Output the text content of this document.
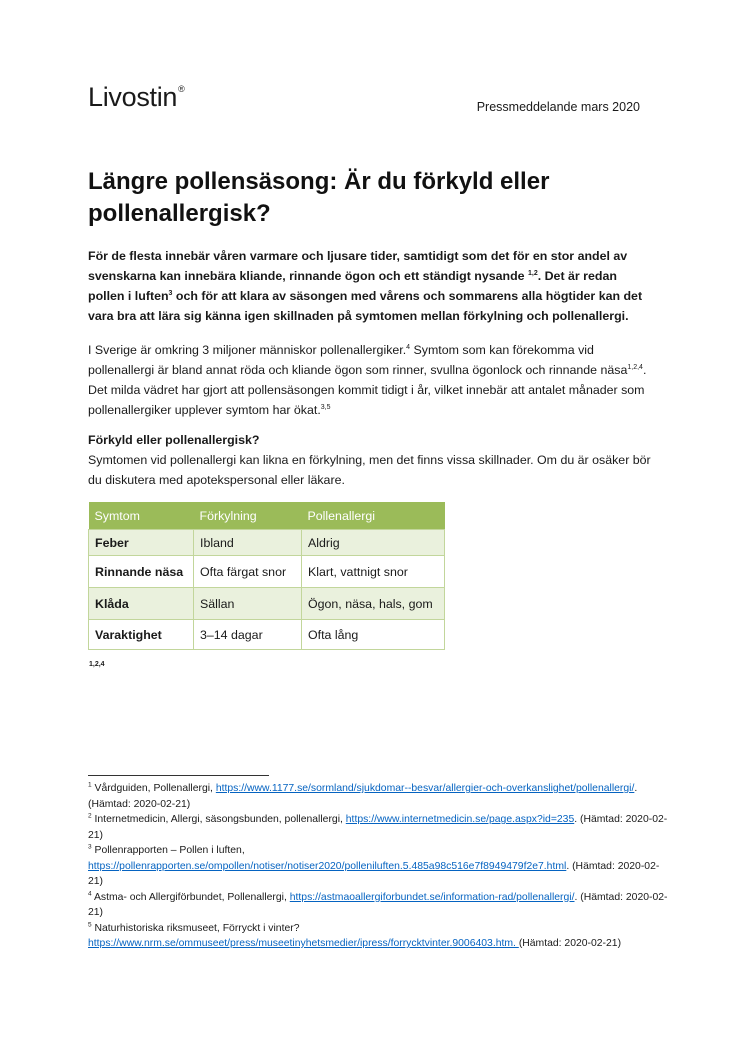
Livostin®
Pressmeddelande mars 2020
Längre pollensäsong: Är du förkyld eller pollenallergisk?

För de flesta innebär våren varmare och ljusare tider, samtidigt som det för en stor andel av svenskarna kan innebära kliande, rinnande ögon och ett ständigt nysande $^{1,2}$. Det är redan pollen i luften$^3$ och för att klara av säsongen med vårens och sommarens alla högtider kan det vara bra att lära sig känna igen skillnaden på symtomen mellan förkylning och pollenallergi.

I Sverige är omkring 3 miljoner människor pollenallergiker.$^4$ Symtom som kan förekomma vid pollenallergi är bland annat röda och kliande ögon som rinner, svullna ögonlock och rinnande näsa$^{1,2,4}$. Det milda vädret har gjort att pollensäsongen kommit tidigt i år, vilket innebär att antalet månader som pollenallergiker upplever symtom har ökat.$^{3,5}$

Förkyld eller pollenallergisk?

Symtomen vid pollenallergi kan likna en förkylning, men det finns vissa skillnader. Om du är osäker bör du diskutera med apotekspersonal eller läkare.

Symtom	Förkylning	Pollenallergi
Feber	Ibland	Aldrig
Rinnande näsa	Ofta färgat snor	Klart, vattnigt snor
Klåda	Sällan	Ögon, näsa, hals, gom
Varaktighet	3–14 dagar	Ofta lång
1,2,4

$^1$ Vårdguiden, Pollenallergi, https://www.1177.se/sormland/sjukdomar--besvar/allergier-och-overkanslighet/pollenallergi/. (Hämtad: 2020-02-21)

$^2$ Internetmedicin, Allergi, säsongsbunden, pollenallergi, https://www.internetmedicin.se/page.aspx?id=235. (Hämtad: 2020-02-21)

$^3$ Pollenrapporten – Pollen i luften, https://pollenrapporten.se/ompollen/notiser/notiser2020/polleniluften.5.485a98c516e7f8949479f2e7.html. (Hämtad: 2020-02-21)

$^4$ Astma- och Allergiförbundet, Pollenallergi, https://astmaoallergiforbundet.se/information-rad/pollenallergi/. (Hämtad: 2020-02-21)

$^5$ Naturhistoriska riksmuseet, Förryckt i vinter? https://www.nrm.se/ommuseet/press/museetinyhetsmedier/ipress/forrycktvinter.9006403.htm. (Hämtad: 2020-02-21)
